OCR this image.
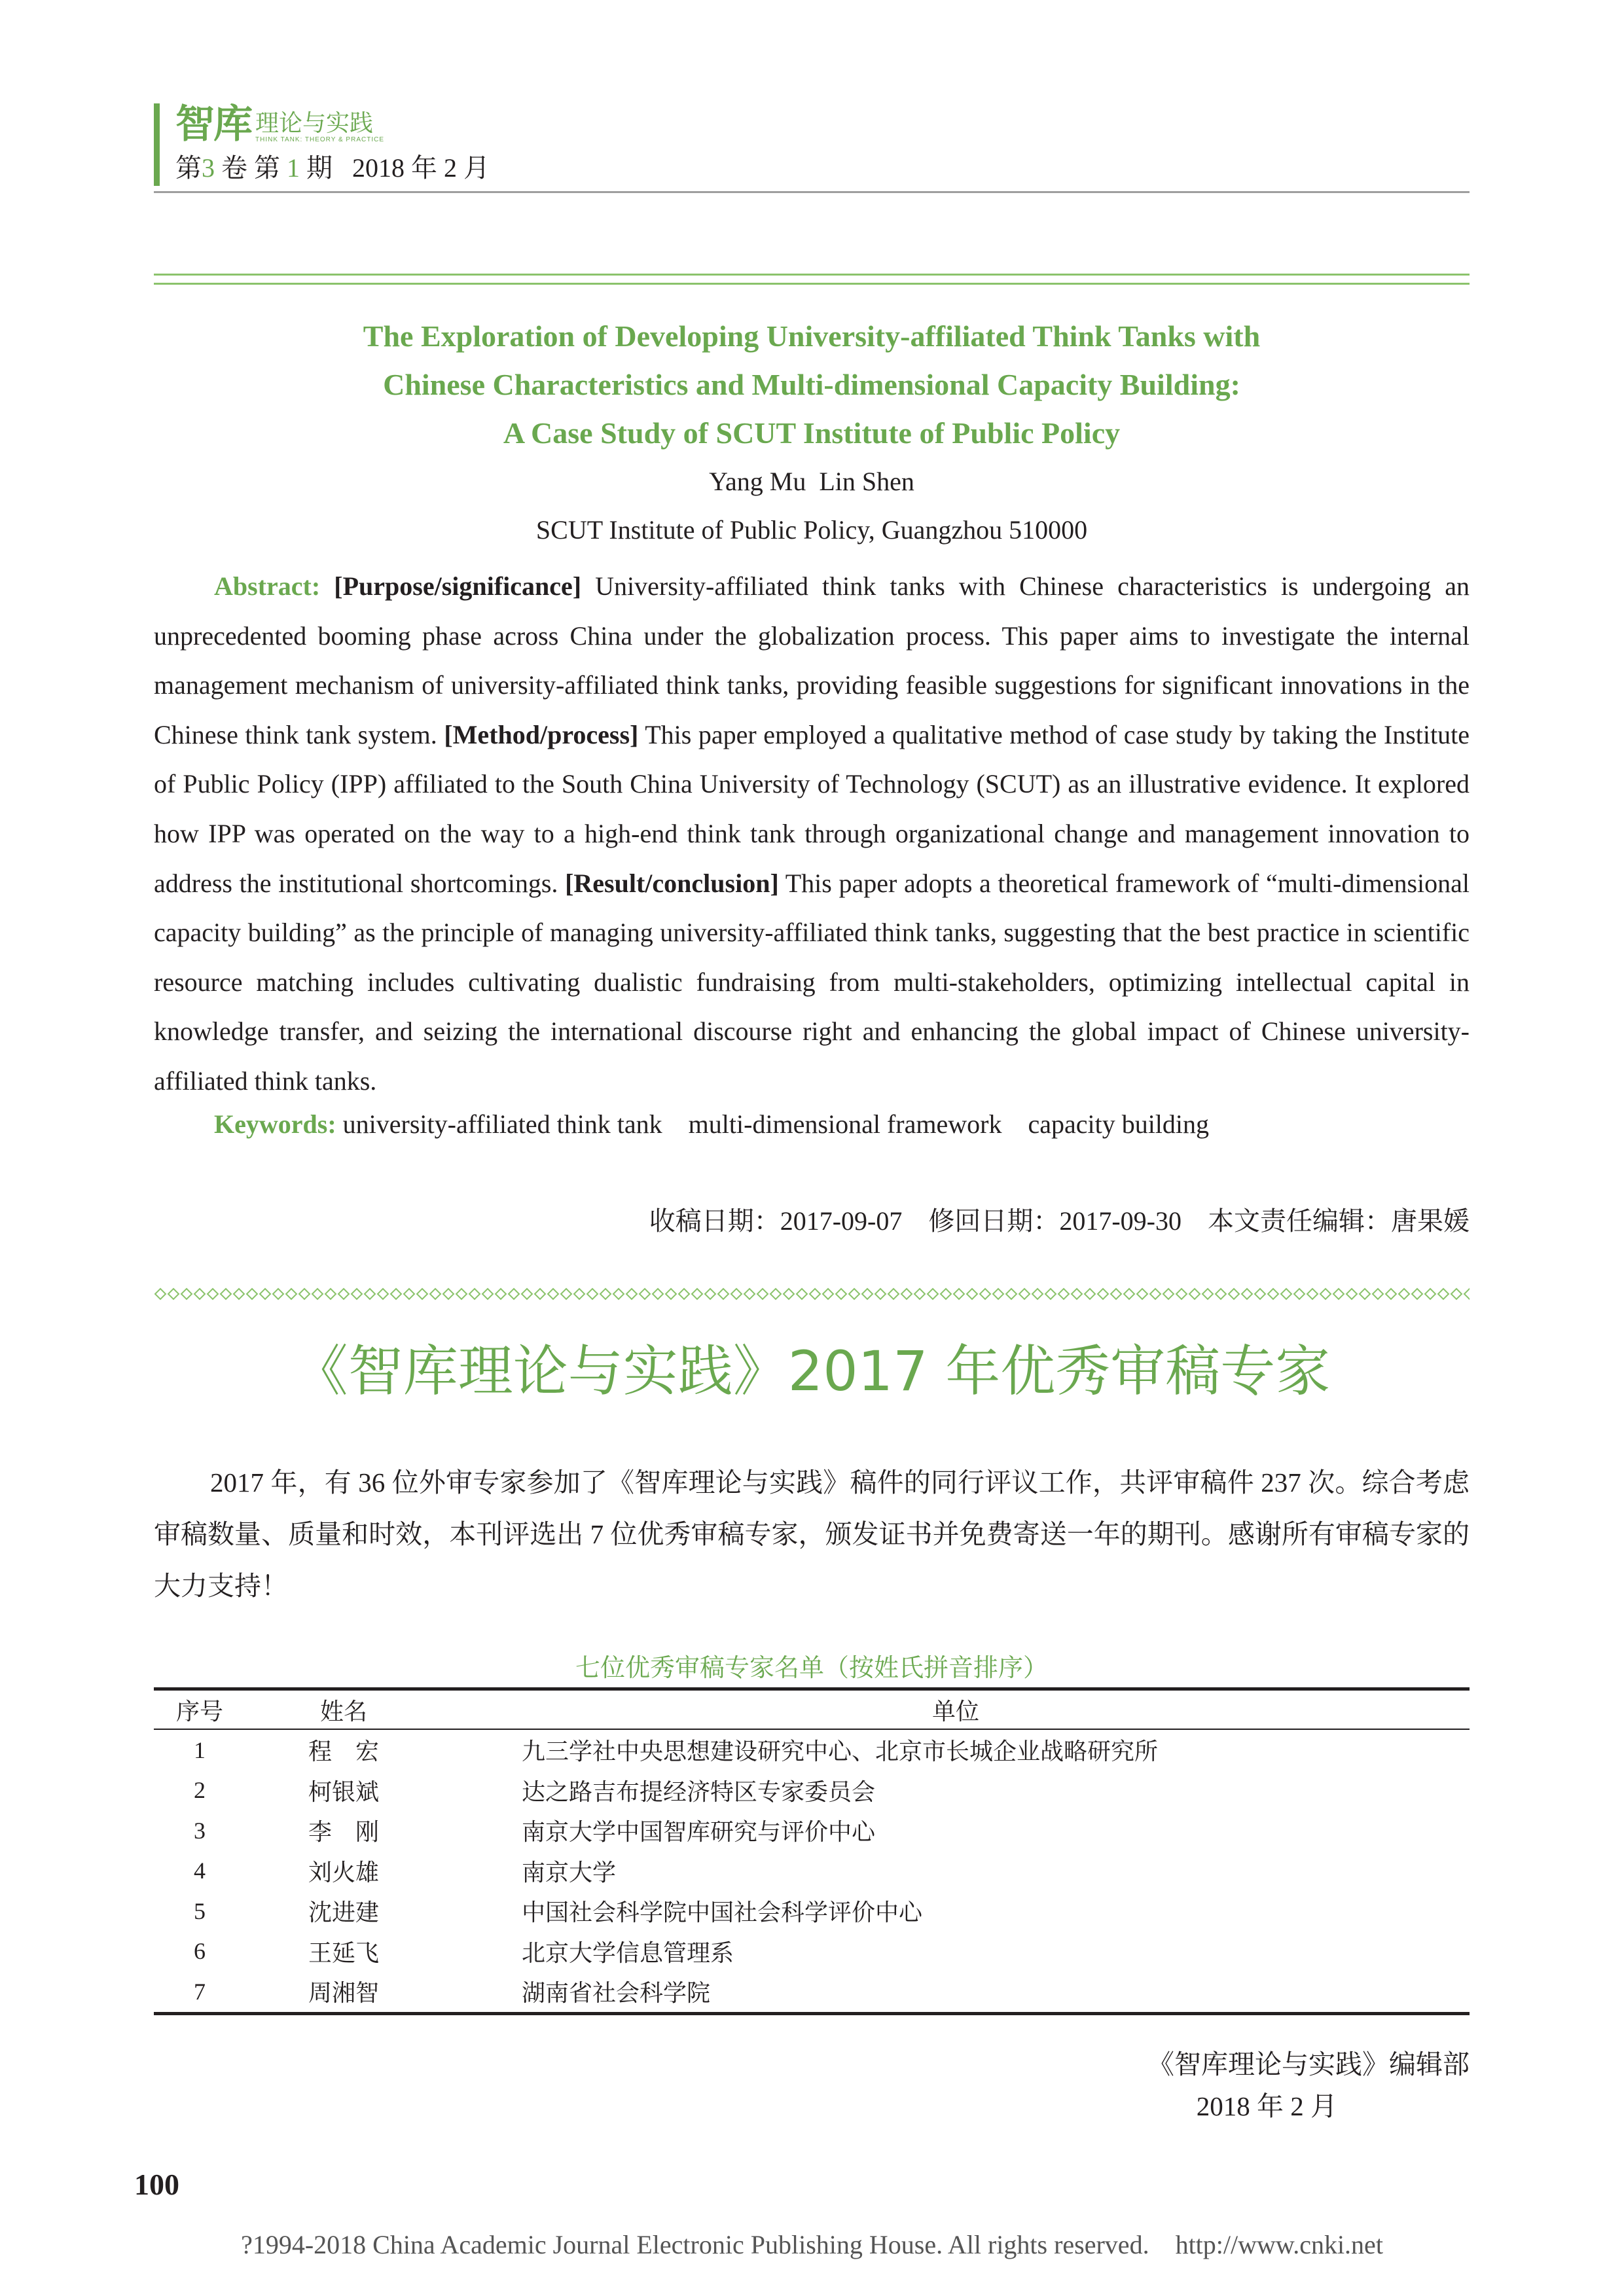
智库 理论与实践
THINK TANK: THEORY & PRACTICE
第3 卷 第 1 期   2018 年 2 月
The Exploration of Developing University-affiliated Think Tanks with
Chinese Characteristics and Multi-dimensional Capacity Building:
A Case Study of SCUT Institute of Public Policy
Yang Mu  Lin Shen
SCUT Institute of Public Policy, Guangzhou 510000
Abstract: [Purpose/significance] University-affiliated think tanks with Chinese characteristics is undergoing an unprecedented booming phase across China under the globalization process. This paper aims to investigate the internal management mechanism of university-affiliated think tanks, providing feasible suggestions for significant innovations in the Chinese think tank system. [Method/process] This paper employed a qualitative method of case study by taking the Institute of Public Policy (IPP) affiliated to the South China University of Technology (SCUT) as an illustrative evidence. It explored how IPP was operated on the way to a high-end think tank through organizational change and management innovation to address the institutional shortcomings. [Result/conclusion] This paper adopts a theoretical framework of “multi-dimensional capacity building” as the principle of managing university-affiliated think tanks, suggesting that the best practice in scientific resource matching includes cultivating dualistic fundraising from multi-stakeholders, optimizing intellectual capital in knowledge transfer, and seizing the international discourse right and enhancing the global impact of Chinese university-affiliated think tanks.
Keywords: university-affiliated think tank multi-dimensional framework capacity building
收稿日期：2017-09-07    修回日期：2017-09-30    本文责任编辑：唐果媛
《智库理论与实践》2017 年优秀审稿专家
2017 年，有 36 位外审专家参加了《智库理论与实践》稿件的同行评议工作，共评审稿件 237 次。综合考虑审稿数量、质量和时效，本刊评选出 7 位优秀审稿专家，颁发证书并免费寄送一年的期刊。感谢所有审稿专家的大力支持！
七位优秀审稿专家名单（按姓氏拼音排序）
序号	姓名	单位
1	程　宏	九三学社中央思想建设研究中心、北京市长城企业战略研究所
2	柯银斌	达之路吉布提经济特区专家委员会
3	李　刚	南京大学中国智库研究与评价中心
4	刘火雄	南京大学
5	沈进建	中国社会科学院中国社会科学评价中心
6	王延飞	北京大学信息管理系
7	周湘智	湖南省社会科学院
《智库理论与实践》编辑部
2018 年 2 月
100
?1994-2018 China Academic Journal Electronic Publishing House. All rights reserved.    http://www.cnki.net
